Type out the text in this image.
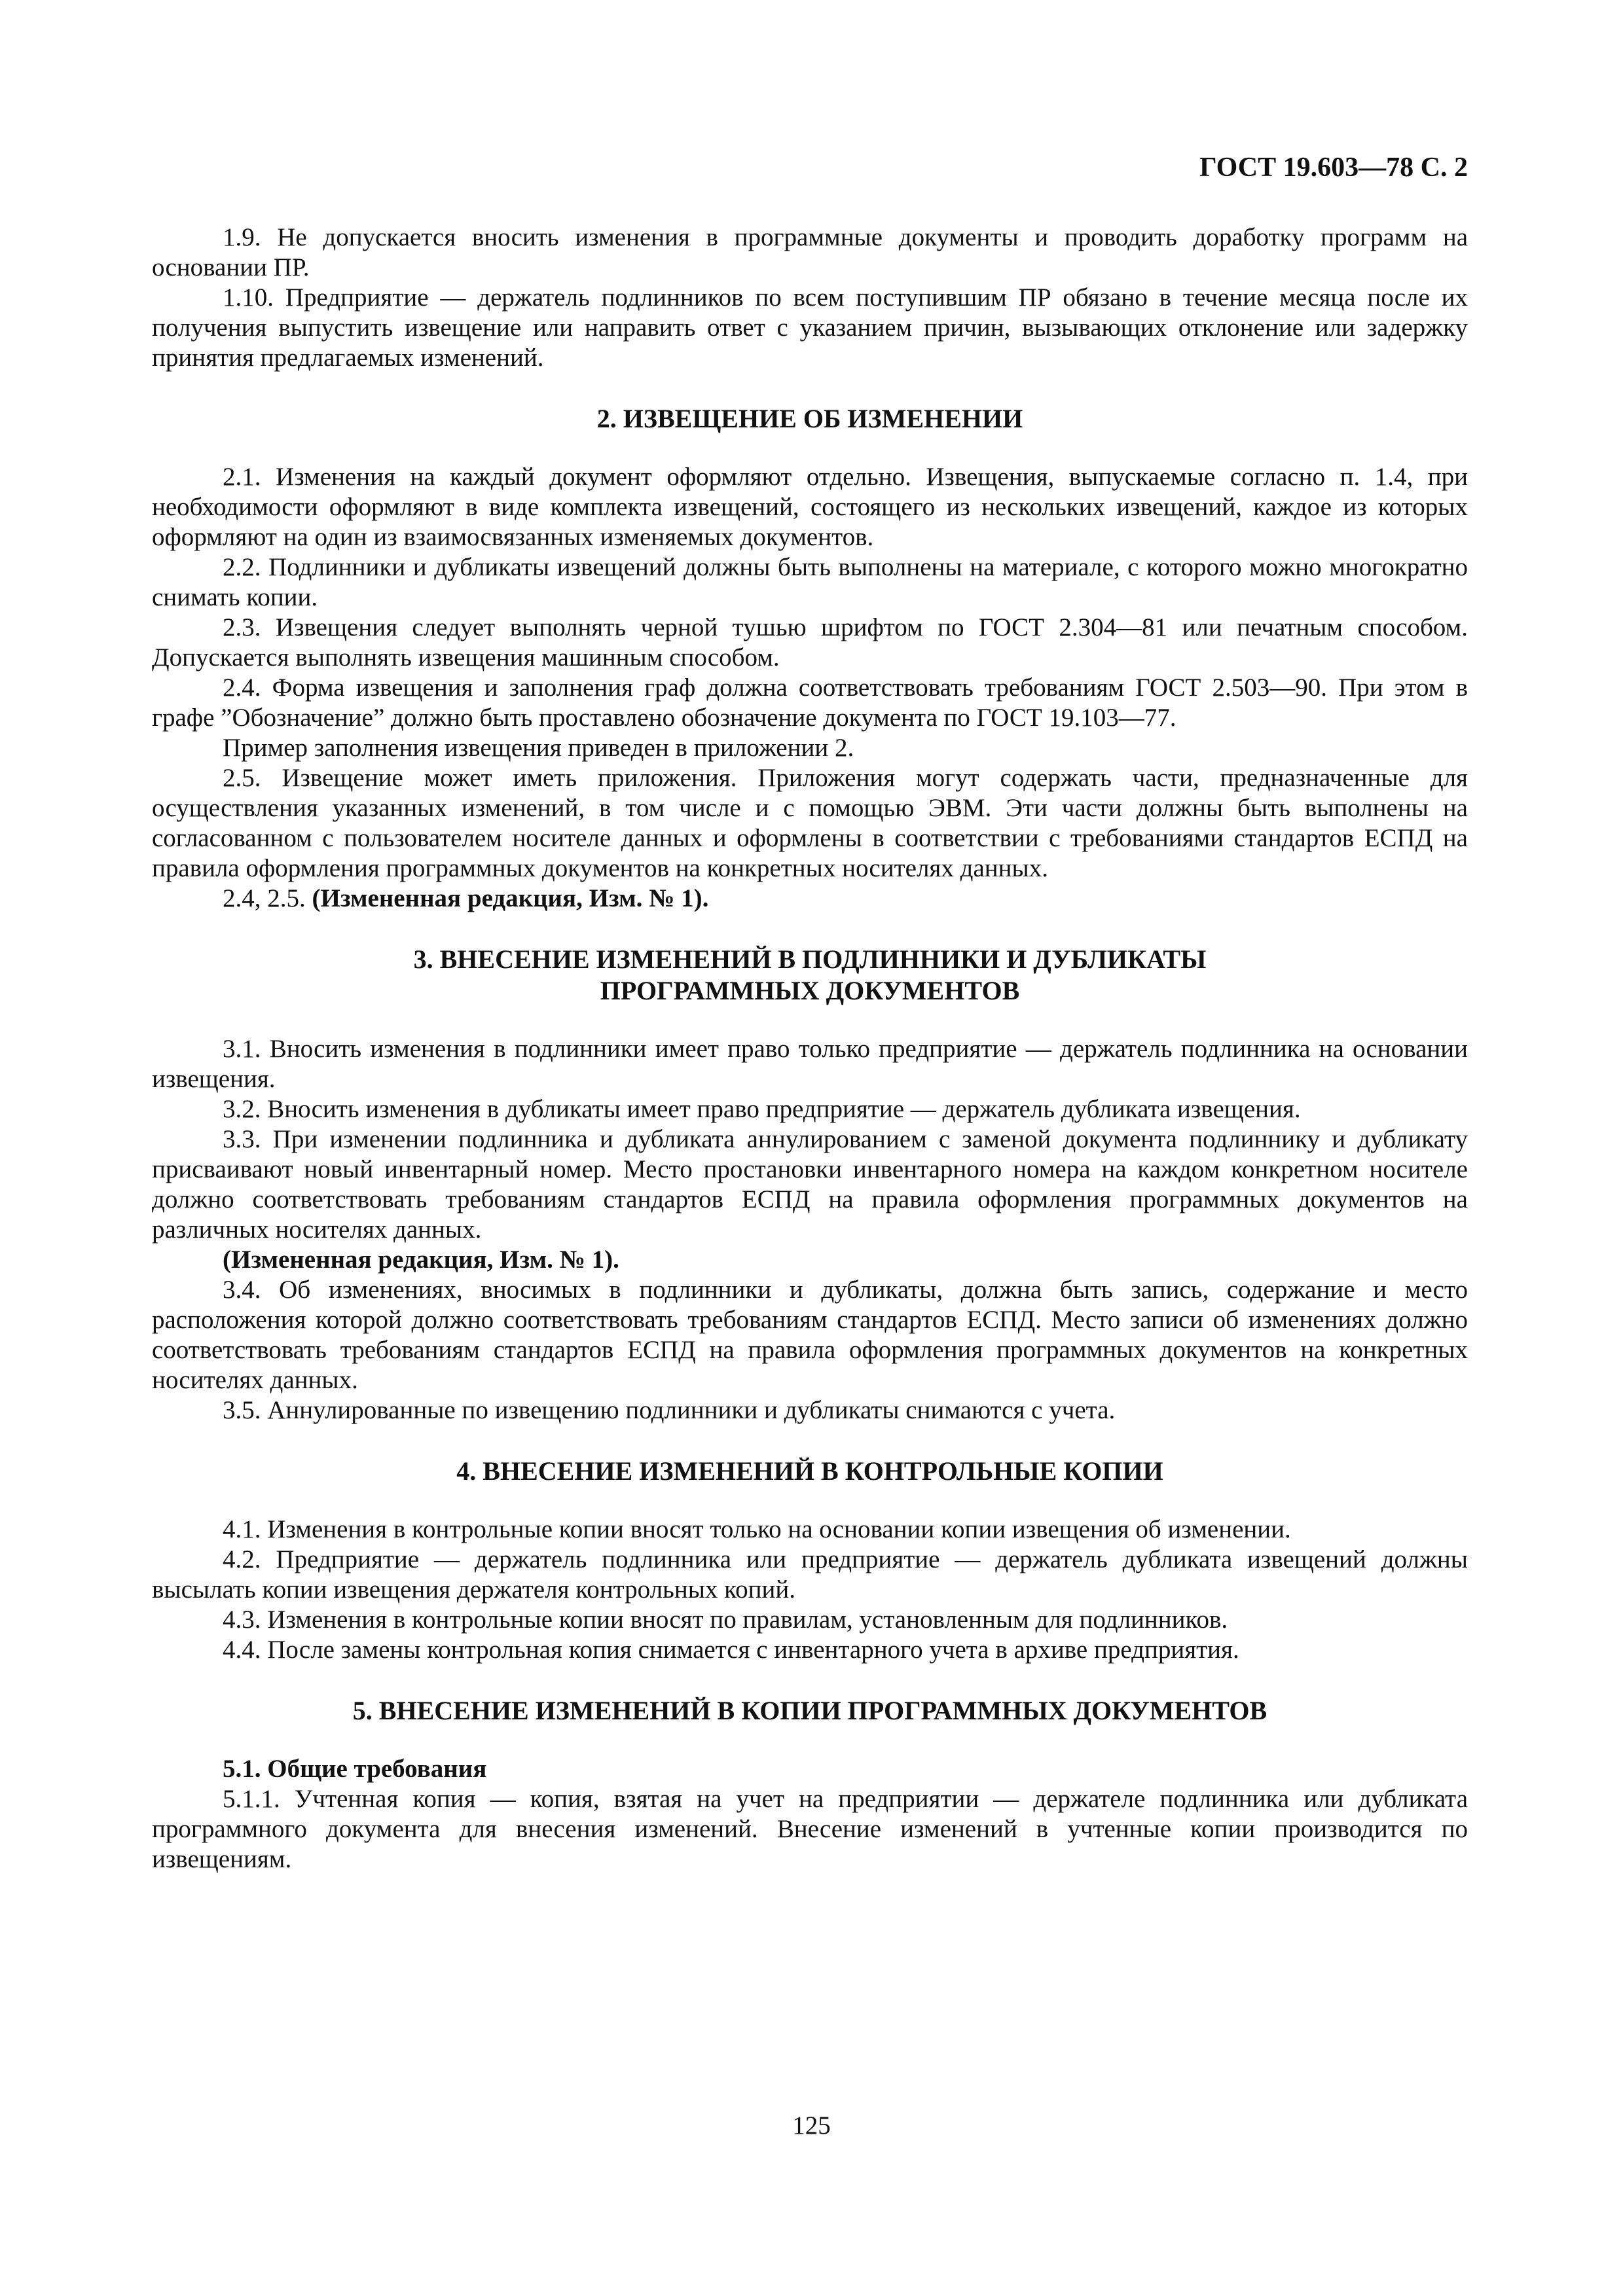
ГОСТ 19.603—78 С. 2

1.9. Не допускается вносить изменения в программные документы и проводить доработку программ на основании ПР.

1.10. Предприятие — держатель подлинников по всем поступившим ПР обязано в течение месяца после их получения выпустить извещение или направить ответ с указанием причин, вызывающих отклонение или задержку принятия предлагаемых изменений.

2. ИЗВЕЩЕНИЕ ОБ ИЗМЕНЕНИИ

2.1. Изменения на каждый документ оформляют отдельно. Извещения, выпускаемые согласно п. 1.4, при необходимости оформляют в виде комплекта извещений, состоящего из нескольких извещений, каждое из которых оформляют на один из взаимосвязанных изменяемых документов.

2.2. Подлинники и дубликаты извещений должны быть выполнены на материале, с которого можно многократно снимать копии.

2.3. Извещения следует выполнять черной тушью шрифтом по ГОСТ 2.304—81 или печатным способом. Допускается выполнять извещения машинным способом.

2.4. Форма извещения и заполнения граф должна соответствовать требованиям ГОСТ 2.503—90. При этом в графе ”Обозначение” должно быть проставлено обозначение документа по ГОСТ 19.103—77.

Пример заполнения извещения приведен в приложении 2.

2.5. Извещение может иметь приложения. Приложения могут содержать части, предназначенные для осуществления указанных изменений, в том числе и с помощью ЭВМ. Эти части должны быть выполнены на согласованном с пользователем носителе данных и оформлены в соответствии с требованиями стандартов ЕСПД на правила оформления программных документов на конкретных носителях данных.

2.4, 2.5. (Измененная редакция, Изм. № 1).

3. ВНЕСЕНИЕ ИЗМЕНЕНИЙ В ПОДЛИННИКИ И ДУБЛИКАТЫ
ПРОГРАММНЫХ ДОКУМЕНТОВ

3.1. Вносить изменения в подлинники имеет право только предприятие — держатель подлинника на основании извещения.

3.2. Вносить изменения в дубликаты имеет право предприятие — держатель дубликата извещения.

3.3. При изменении подлинника и дубликата аннулированием с заменой документа подлиннику и дубликату присваивают новый инвентарный номер. Место простановки инвентарного номера на каждом конкретном носителе должно соответствовать требованиям стандартов ЕСПД на правила оформления программных документов на различных носителях данных.

(Измененная редакция, Изм. № 1).

3.4. Об изменениях, вносимых в подлинники и дубликаты, должна быть запись, содержание и место расположения которой должно соответствовать требованиям стандартов ЕСПД. Место записи об изменениях должно соответствовать требованиям стандартов ЕСПД на правила оформления программных документов на конкретных носителях данных.

3.5. Аннулированные по извещению подлинники и дубликаты снимаются с учета.

4. ВНЕСЕНИЕ ИЗМЕНЕНИЙ В КОНТРОЛЬНЫЕ КОПИИ

4.1. Изменения в контрольные копии вносят только на основании копии извещения об изменении.

4.2. Предприятие — держатель подлинника или предприятие — держатель дубликата извещений должны высылать копии извещения держателя контрольных копий.

4.3. Изменения в контрольные копии вносят по правилам, установленным для подлинников.

4.4. После замены контрольная копия снимается с инвентарного учета в архиве предприятия.

5. ВНЕСЕНИЕ ИЗМЕНЕНИЙ В КОПИИ ПРОГРАММНЫХ ДОКУМЕНТОВ

5.1. Общие требования

5.1.1. Учтенная копия — копия, взятая на учет на предприятии — держателе подлинника или дубликата программного документа для внесения изменений. Внесение изменений в учтенные копии производится по извещениям.

125
